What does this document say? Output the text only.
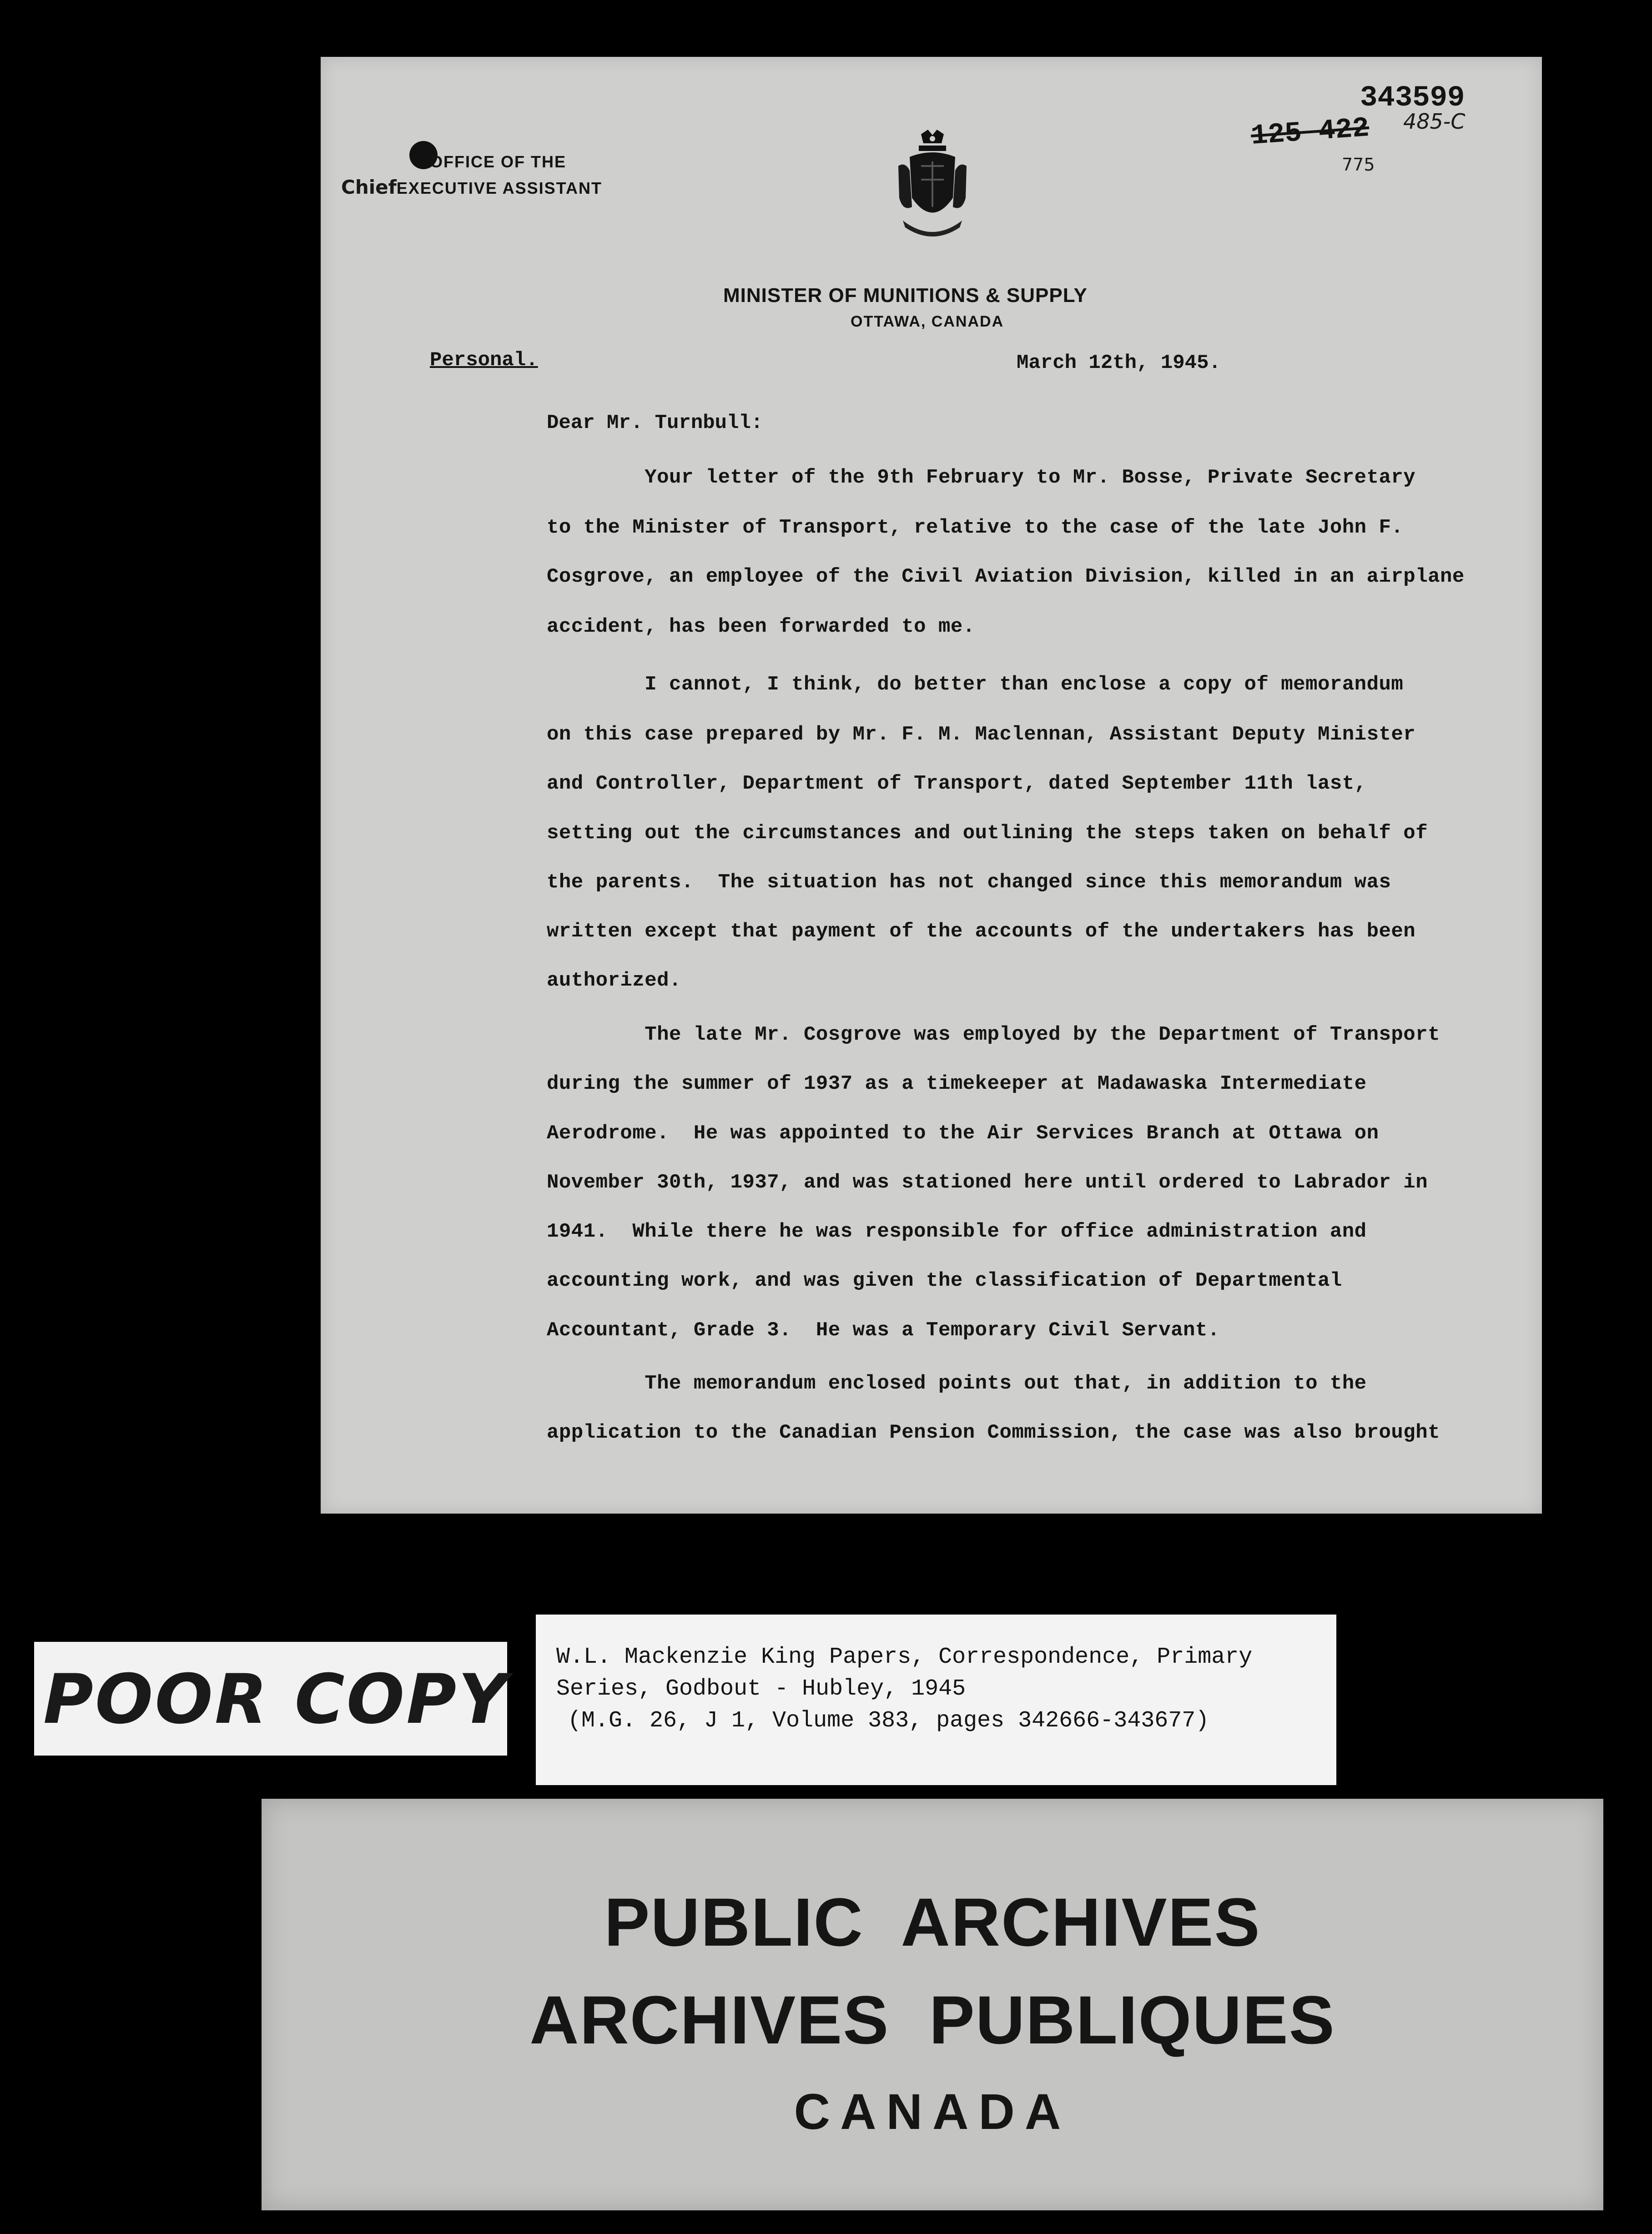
343599
485-C
125 422
775
OFFICE OF THE
ChiefEXECUTIVE ASSISTANT
MINISTER OF MUNITIONS & SUPPLY
OTTAWA, CANADA
Personal.	March 12th, 1945.
Dear Mr. Turnbull:
Your letter of the 9th February to Mr. Bosse, Private Secretary
to the Minister of Transport, relative to the case of the late John F.
Cosgrove, an employee of the Civil Aviation Division, killed in an airplane
accident, has been forwarded to me.
I cannot, I think, do better than enclose a copy of memorandum
on this case prepared by Mr. F. M. Maclennan, Assistant Deputy Minister
and Controller, Department of Transport, dated September 11th last,
setting out the circumstances and outlining the steps taken on behalf of
the parents.  The situation has not changed since this memorandum was
written except that payment of the accounts of the undertakers has been
authorized.
The late Mr. Cosgrove was employed by the Department of Transport
during the summer of 1937 as a timekeeper at Madawaska Intermediate
Aerodrome.  He was appointed to the Air Services Branch at Ottawa on
November 30th, 1937, and was stationed here until ordered to Labrador in
1941.  While there he was responsible for office administration and
accounting work, and was given the classification of Departmental
Accountant, Grade 3.  He was a Temporary Civil Servant.
The memorandum enclosed points out that, in addition to the
application to the Canadian Pension Commission, the case was also brought
POOR COPY
W.L. Mackenzie King Papers, Correspondence, Primary
Series, Godbout - Hubley, 1945
(M.G. 26, J 1, Volume 383, pages 342666-343677)
PUBLIC  ARCHIVES
ARCHIVES  PUBLIQUES
CANADA
